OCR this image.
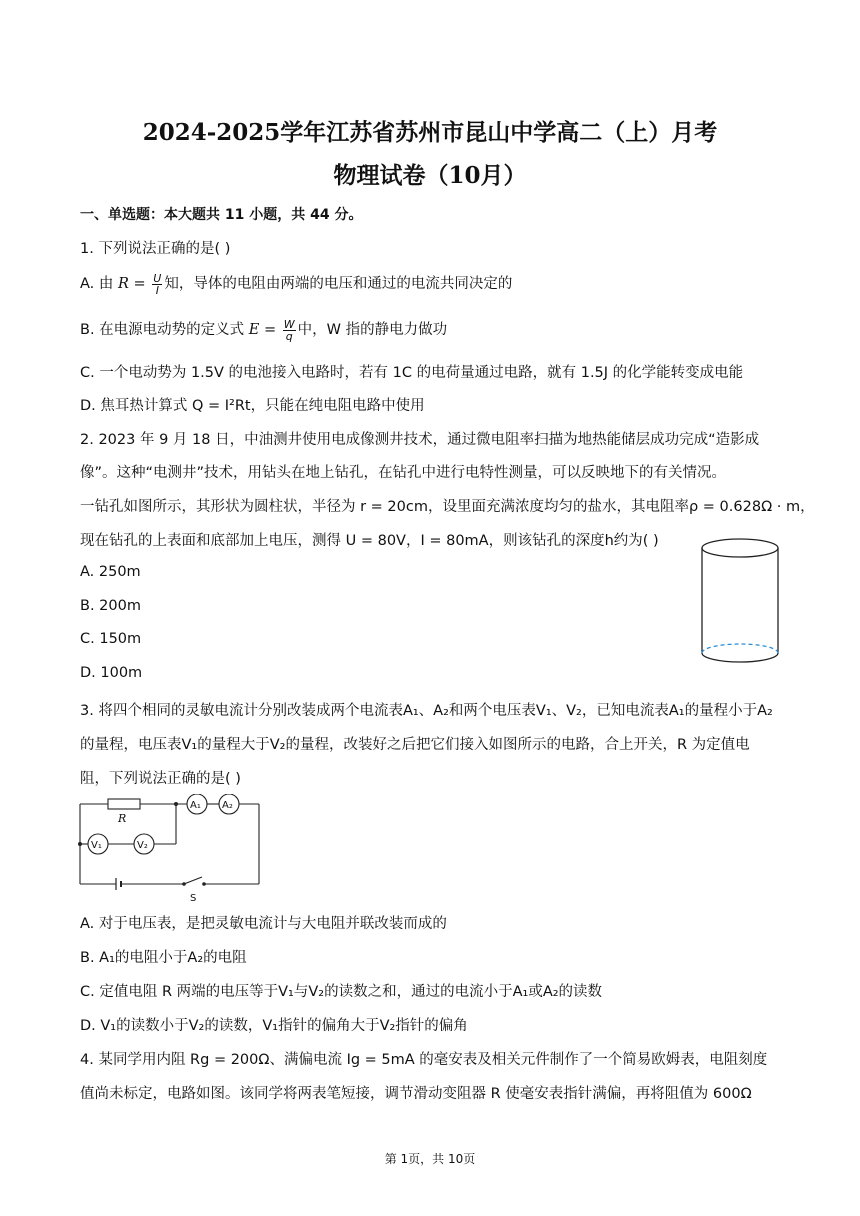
2024-2025学年江苏省苏州市昆山中学高二（上）月考
物理试卷（10月）
一、单选题：本大题共 11 小题，共 44 分。
1. 下列说法正确的是( )
A. 由 $R = \frac{U}{I}$ 知，导体的电阻由两端的电压和通过的电流共同决定的
B. 在电源电动势的定义式 $E = \frac{W}{q}$ 中，W 指的静电力做功
C. 一个电动势为 1.5V 的电池接入电路时，若有 1C 的电荷量通过电路，就有 1.5J 的化学能转变成电能
D. 焦耳热计算式 Q = I²Rt，只能在纯电阻电路中使用
2. 2023 年 9 月 18 日，中油测井使用电成像测井技术，通过微电阻率扫描为地热能储层成功完成“造影成
像”。这种“电测井”技术，用钻头在地上钻孔，在钻孔中进行电特性测量，可以反映地下的有关情况。
一钻孔如图所示，其形状为圆柱状，半径为 r = 20cm，设里面充满浓度均匀的盐水，其电阻率ρ = 0.628Ω · m，
现在钻孔的上表面和底部加上电压，测得 U = 80V，I = 80mA，则该钻孔的深度h约为( )
A. 250m
B. 200m
C. 150m
D. 100m
3. 将四个相同的灵敏电流计分别改装成两个电流表A₁、A₂和两个电压表V₁、V₂，已知电流表A₁的量程小于A₂
的量程，电压表V₁的量程大于V₂的量程，改装好之后把它们接入如图所示的电路，合上开关，R 为定值电
阻，下列说法正确的是( )
R
A₁ A₂
V₁	V₂
S
A. 对于电压表，是把灵敏电流计与大电阻并联改装而成的
B. A₁的电阻小于A₂的电阻
C. 定值电阻 R 两端的电压等于V₁与V₂的读数之和，通过的电流小于A₁或A₂的读数
D. V₁的读数小于V₂的读数，V₁指针的偏角大于V₂指针的偏角
4. 某同学用内阻 Rg = 200Ω、满偏电流 Ig = 5mA 的毫安表及相关元件制作了一个简易欧姆表，电阻刻度
值尚未标定，电路如图。该同学将两表笔短接，调节滑动变阻器 R 使毫安表指针满偏，再将阻值为 600Ω
第 1页，共 10页
